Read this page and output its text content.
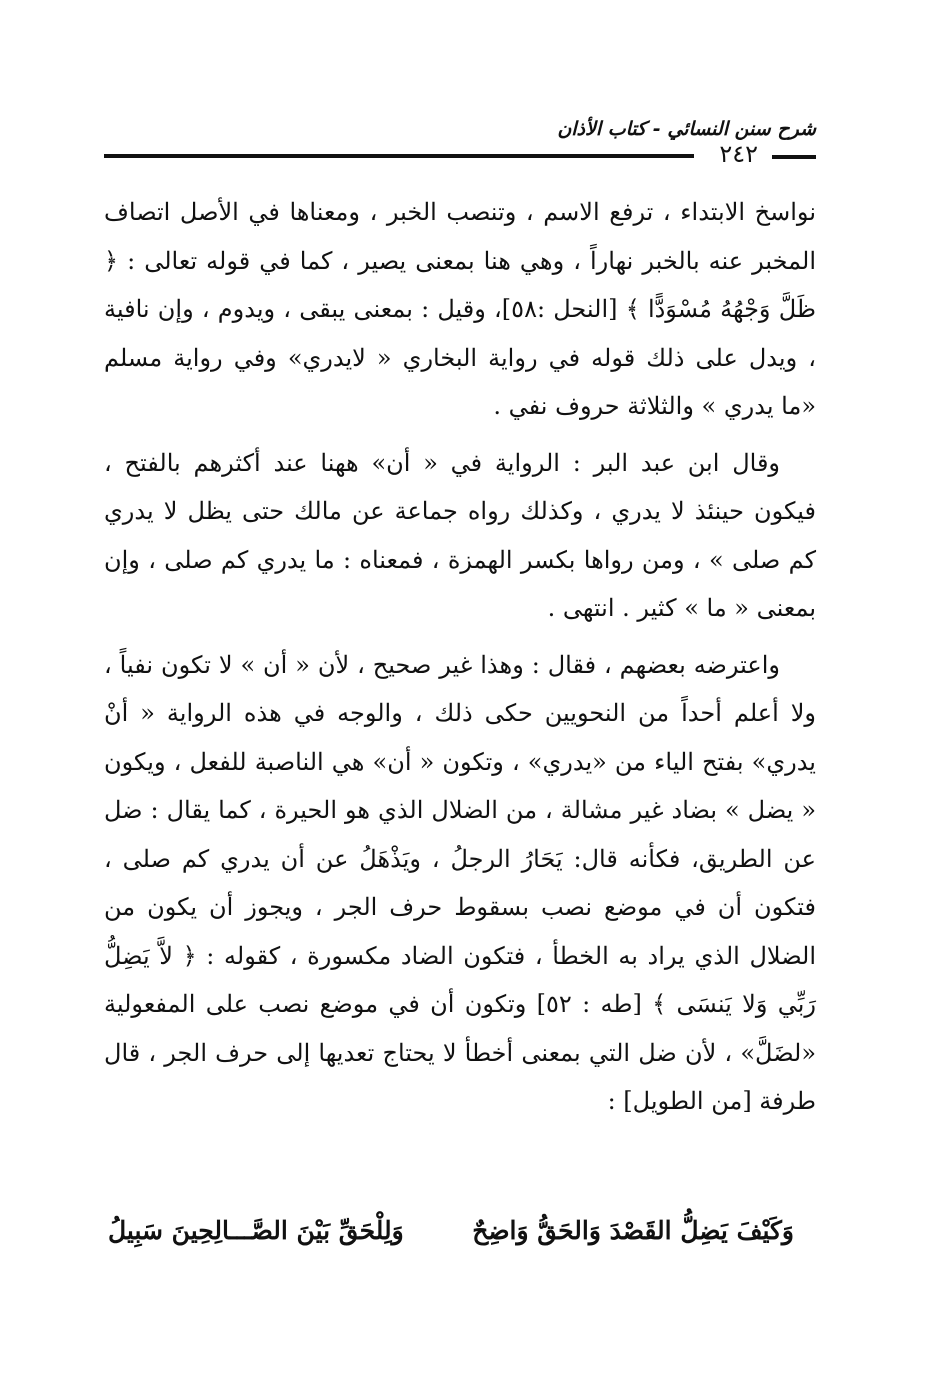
شرح سنن النسائي - كتاب الأذان
٢٤٢

نواسخ الابتداء ، ترفع الاسم ، وتنصب الخبر ، ومعناها في الأصل اتصاف المخبر عنه بالخبر نهاراً ، وهي هنا بمعنى يصير ، كما في قوله تعالى : ﴿ ظَلَّ وَجْهُهُ مُسْوَدًّا ﴾ [النحل :٥٨]، وقيل : بمعنى يبقى ، ويدوم ، وإن نافية ، ويدل على ذلك قوله في رواية البخاري « لايدري» وفي رواية مسلم «ما يدري » والثلاثة حروف نفي .

وقال ابن عبد البر : الرواية في « أن» ههنا عند أكثرهم بالفتح ، فيكون حينئذ لا يدري ، وكذلك رواه جماعة عن مالك حتى يظل لا يدري كم صلى » ، ومن رواها بكسر الهمزة ، فمعناه : ما يدري كم صلى ، وإن بمعنى « ما » كثير . انتهى .

واعترضه بعضهم ، فقال : وهذا غير صحيح ، لأن « أن » لا تكون نفياً ، ولا أعلم أحداً من النحويين حكى ذلك ، والوجه في هذه الرواية « أنْ يدري» بفتح الياء من «يدري» ، وتكون « أن» هي الناصبة للفعل ، ويكون « يضل » بضاد غير مشالة ، من الضلال الذي هو الحيرة ، كما يقال : ضل عن الطريق، فكأنه قال: يَحَارُ الرجلُ ، ويَذْهَلُ عن أن يدري كم صلى ، فتكون أن في موضع نصب بسقوط حرف الجر ، ويجوز أن يكون من الضلال الذي يراد به الخطأ ، فتكون الضاد مكسورة ، كقوله : ﴿ لاَّ يَضِلُّ رَبِّي وَلا يَنسَى ﴾ [طه : ٥٢] وتكون أن في موضع نصب على المفعولية «لضَلَّ» ، لأن ضل التي بمعنى أخطأ لا يحتاج تعديها إلى حرف الجر ، قال طرفة [من الطويل] :

وَكَيْفَ يَضِلُّ القَصْدَ وَالحَقُّ وَاضِحٌ
وَلِلْحَقِّ بَيْنَ الصَّـــالِحِينَ سَبِيلُ
